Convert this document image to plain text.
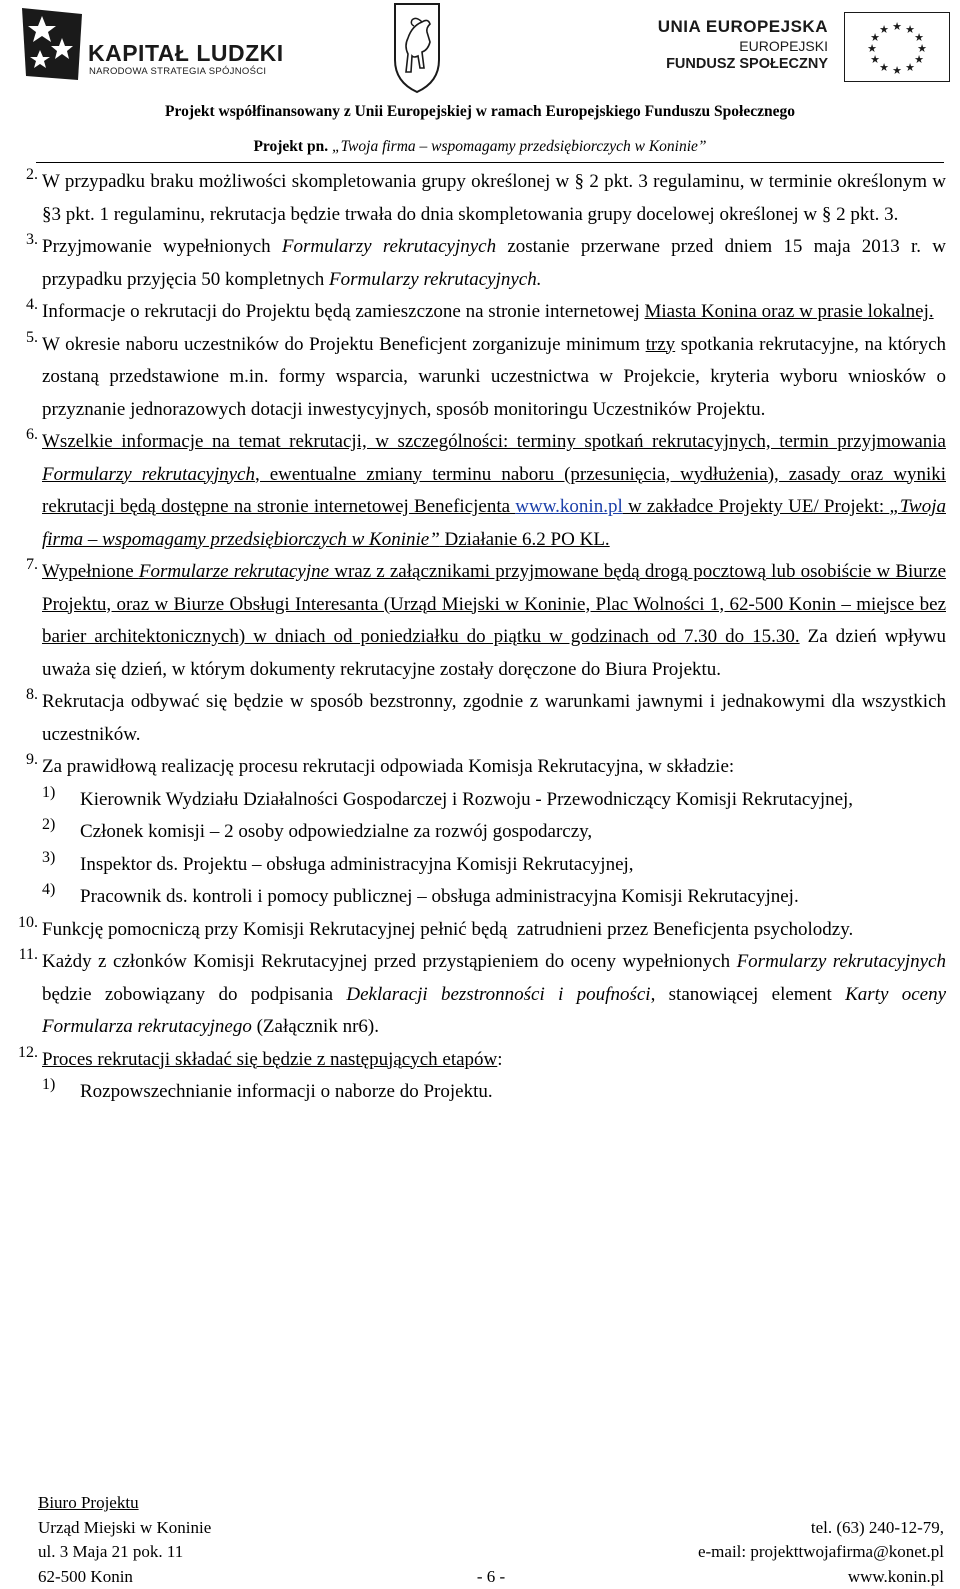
KAPITAŁ LUDZKI
NARODOWA STRATEGIA SPÓJNOŚCI
UNIA EUROPEJSKA
EUROPEJSKI
FUNDUSZ SPOŁECZNY
★ ★
★
★
★
★
★
★
★
★
★
★
Projekt współfinansowany z Unii Europejskiej w ramach Europejskiego Funduszu Społecznego
Projekt pn. „Twoja firma – wspomagamy przedsiębiorczych w Koninie”
2. W przypadku braku możliwości skompletowania grupy określonej w § 2 pkt. 3 regulaminu, w terminie określonym w §3 pkt. 1 regulaminu, rekrutacja będzie trwała do dnia skompletowania grupy docelowej określonej w § 2 pkt. 3.

3. Przyjmowanie wypełnionych Formularzy rekrutacyjnych zostanie przerwane przed dniem 15 maja 2013 r. w przypadku przyjęcia 50 kompletnych Formularzy rekrutacyjnych.

4. Informacje o rekrutacji do Projektu będą zamieszczone na stronie internetowej Miasta Konina oraz w prasie lokalnej.

5. W okresie naboru uczestników do Projektu Beneficjent zorganizuje minimum trzy spotkania rekrutacyjne, na których zostaną przedstawione m.in. formy wsparcia, warunki uczestnictwa w Projekcie, kryteria wyboru wniosków o przyznanie jednorazowych dotacji inwestycyjnych, sposób monitoringu Uczestników Projektu.

6. Wszelkie informacje na temat rekrutacji, w szczególności: terminy spotkań rekrutacyjnych, termin przyjmowania Formularzy rekrutacyjnych, ewentualne zmiany terminu naboru (przesunięcia, wydłużenia), zasady oraz wyniki rekrutacji będą dostępne na stronie internetowej Beneficjenta www.konin.pl w zakładce Projekty UE/ Projekt: „Twoja firma – wspomagamy przedsiębiorczych w Koninie” Działanie 6.2 PO KL.

7. Wypełnione Formularze rekrutacyjne wraz z załącznikami przyjmowane będą drogą pocztową lub osobiście w Biurze Projektu, oraz w Biurze Obsługi Interesanta (Urząd Miejski w Koninie, Plac Wolności 1, 62-500 Konin – miejsce bez barier architektonicznych) w dniach od poniedziałku do piątku w godzinach od 7.30 do 15.30. Za dzień wpływu uważa się dzień, w którym dokumenty rekrutacyjne zostały doręczone do Biura Projektu.

8. Rekrutacja odbywać się będzie w sposób bezstronny, zgodnie z warunkami jawnymi i jednakowymi dla wszystkich uczestników.

9. Za prawidłową realizację procesu rekrutacji odpowiada Komisja Rekrutacyjna, w składzie:

1) Kierownik Wydziału Działalności Gospodarczej i Rozwoju - Przewodniczący Komisji Rekrutacyjnej,

2) Członek komisji – 2 osoby odpowiedzialne za rozwój gospodarczy,

3) Inspektor ds. Projektu – obsługa administracyjna Komisji Rekrutacyjnej,

4) Pracownik ds. kontroli i pomocy publicznej – obsługa administracyjna Komisji Rekrutacyjnej.

10. Funkcję pomocniczą przy Komisji Rekrutacyjnej pełnić będą  zatrudnieni przez Beneficjenta psycholodzy.

11. Każdy z członków Komisji Rekrutacyjnej przed przystąpieniem do oceny wypełnionych Formularzy rekrutacyjnych będzie zobowiązany do podpisania Deklaracji bezstronności i poufności, stanowiącej element Karty oceny Formularza rekrutacyjnego (Załącznik nr6).

12. Proces rekrutacji składać się będzie z następujących etapów:

1) Rozpowszechnianie informacji o naborze do Projektu.

Biuro Projektu
Urząd Miejski w Koninie	tel. (63) 240-12-79,
ul. 3 Maja 21 pok. 11	e-mail: projekttwojafirma@konet.pl
62-500 Konin	- 6 -	www.konin.pl
